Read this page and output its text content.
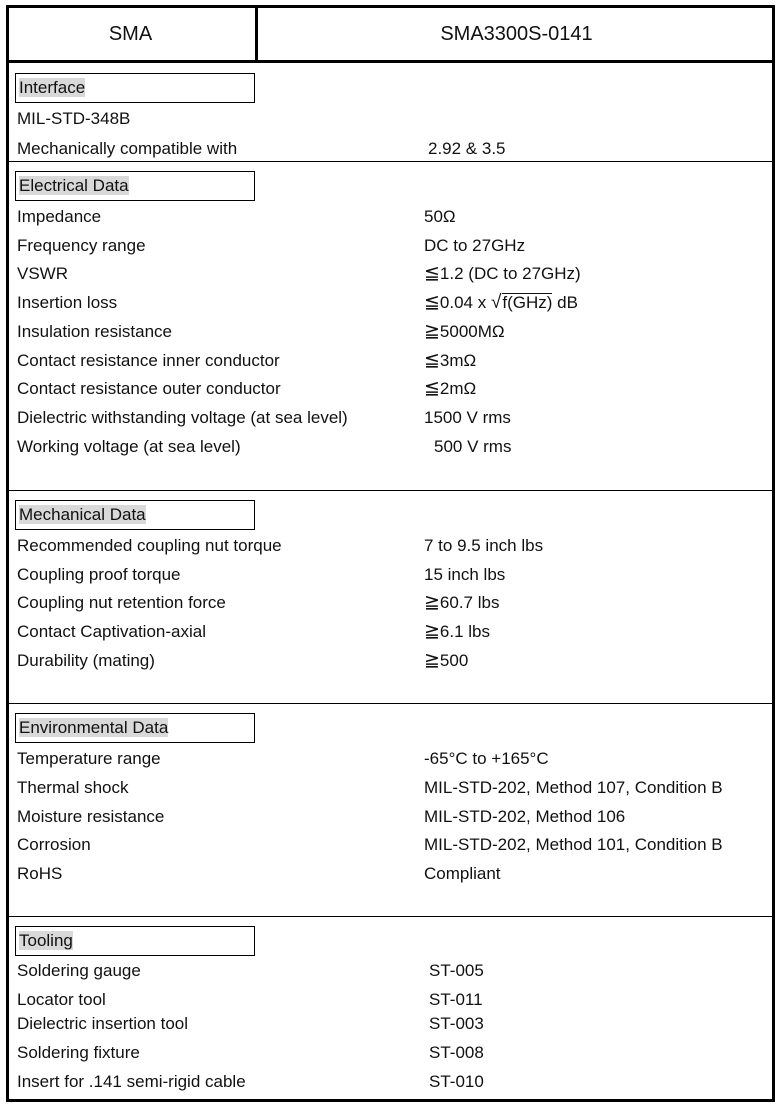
SMA	SMA3300S-0141
Interface
MIL-STD-348B
Mechanically compatible with	2.92 & 3.5
Electrical Data
Impedance	50Ω
Frequency range	DC to 27GHz
VSWR	≦1.2 (DC to 27GHz)
Insertion loss	≦0.04 x √f(GHz) dB
Insulation resistance	≧5000MΩ
Contact resistance inner conductor	≦3mΩ
Contact resistance outer conductor	≦2mΩ
Dielectric withstanding voltage (at sea level)	1500 V rms
Working voltage (at sea level)	500 V rms
Mechanical Data
Recommended coupling nut torque	7 to 9.5 inch lbs
Coupling proof torque	15 inch lbs
Coupling nut retention force	≧60.7 lbs
Contact Captivation-axial	≧6.1 lbs
Durability (mating)	≧500
Environmental Data
Temperature range	-65°C to +165°C
Thermal shock	MIL-STD-202, Method 107, Condition B
Moisture resistance	MIL-STD-202, Method 106
Corrosion	MIL-STD-202, Method 101, Condition B
RoHS	Compliant
Tooling
Soldering gauge	ST-005
Locator tool	ST-011
Dielectric insertion tool	ST-003
Soldering fixture	ST-008
Insert for .141 semi-rigid cable	ST-010
